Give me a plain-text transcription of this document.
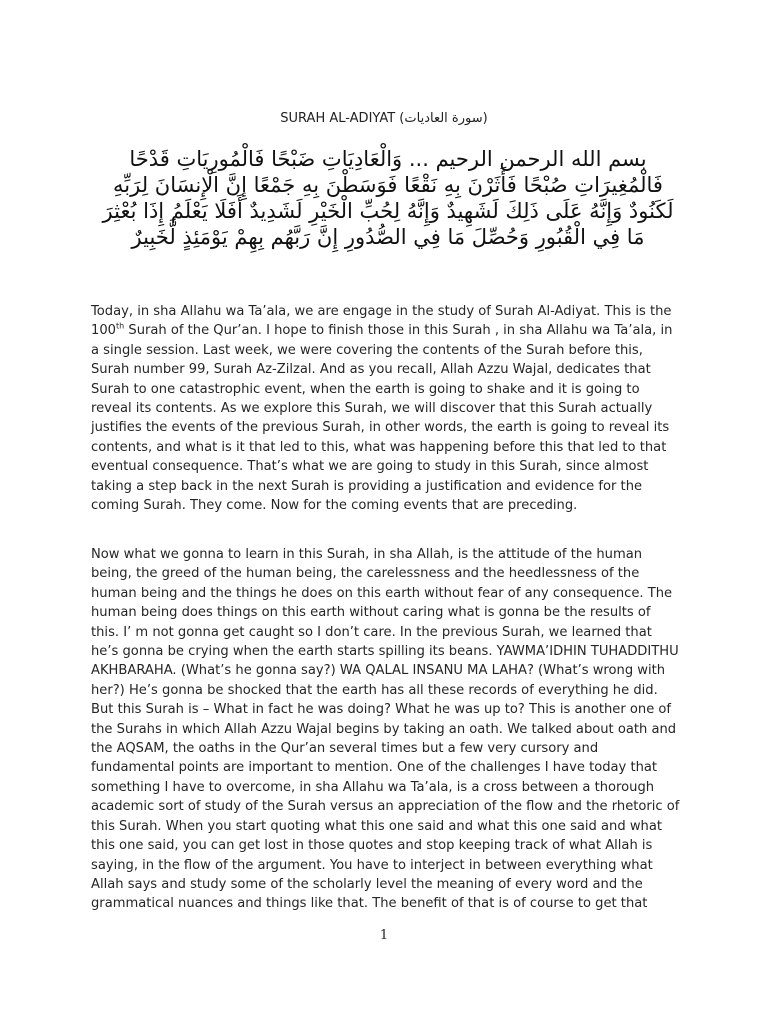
SURAH AL-ADIYAT (سورة العاديات)
بسم الله الرحمن الرحيم ... وَالْعَادِيَاتِ ضَبْحًا فَالْمُورِيَاتِ قَدْحًا فَالْمُغِيرَاتِ صُبْحًا فَأَثَرْنَ بِهِ نَقْعًا فَوَسَطْنَ بِهِ جَمْعًا إِنَّ الْإِنسَانَ لِرَبِّهِ لَكَنُودٌ وَإِنَّهُ عَلَى ذَلِكَ لَشَهِيدٌ وَإِنَّهُ لِحُبِّ الْخَيْرِ لَشَدِيدٌ أَفَلَا يَعْلَمُ إِذَا بُعْثِرَ مَا فِي الْقُبُورِ وَحُصِّلَ مَا فِي الصُّدُورِ إِنَّ رَبَّهُم بِهِمْ يَوْمَئِذٍ لَّخَبِيرٌ

Today, in sha Allahu wa Ta’ala, we are engage in the study of Surah Al-Adiyat. This is the 100th Surah of the Qur’an. I hope to finish those in this Surah , in sha Allahu wa Ta’ala, in a single session. Last week, we were covering the contents of the Surah before this, Surah number 99, Surah Az-Zilzal. And as you recall, Allah Azzu Wajal, dedicates that Surah to one catastrophic event, when the earth is going to shake and it is going to reveal its contents. As we explore this Surah, we will discover that this Surah actually justifies the events of the previous Surah, in other words, the earth is going to reveal its contents, and what is it that led to this, what was happening before this that led to that eventual consequence. That’s what we are going to study in this Surah, since almost taking a step back in the next Surah is providing a justification and evidence for the coming Surah. They come. Now for the coming events that are preceding.

Now what we gonna to learn in this Surah, in sha Allah, is the attitude of the human being, the greed of the human being, the carelessness and the heedlessness of the human being and the things he does on this earth without fear of any consequence. The human being does things on this earth without caring what is gonna be the results of this. I’ m not gonna get caught so I don’t care. In the previous Surah, we learned that he’s gonna be crying when the earth starts spilling its beans. YAWMA’IDHIN TUHADDITHU AKHBARAHA. (What’s he gonna say?) WA QALAL INSANU MA LAHA? (What’s wrong with her?) He’s gonna be shocked that the earth has all these records of everything he did. But this Surah is – What in fact he was doing? What he was up to? This is another one of the Surahs in which Allah Azzu Wajal begins by taking an oath. We talked about oath and the AQSAM, the oaths in the Qur’an several times but a few very cursory and fundamental points are important to mention. One of the challenges I have today that something I have to overcome, in sha Allahu wa Ta’ala, is a cross between a thorough academic sort of study of the Surah versus an appreciation of the flow and the rhetoric of this Surah. When you start quoting what this one said and what this one said and what this one said, you can get lost in those quotes and stop keeping track of what Allah is saying, in the flow of the argument. You have to interject in between everything what Allah says and study some of the scholarly level the meaning of every word and the grammatical nuances and things like that. The benefit of that is of course to get that

1
